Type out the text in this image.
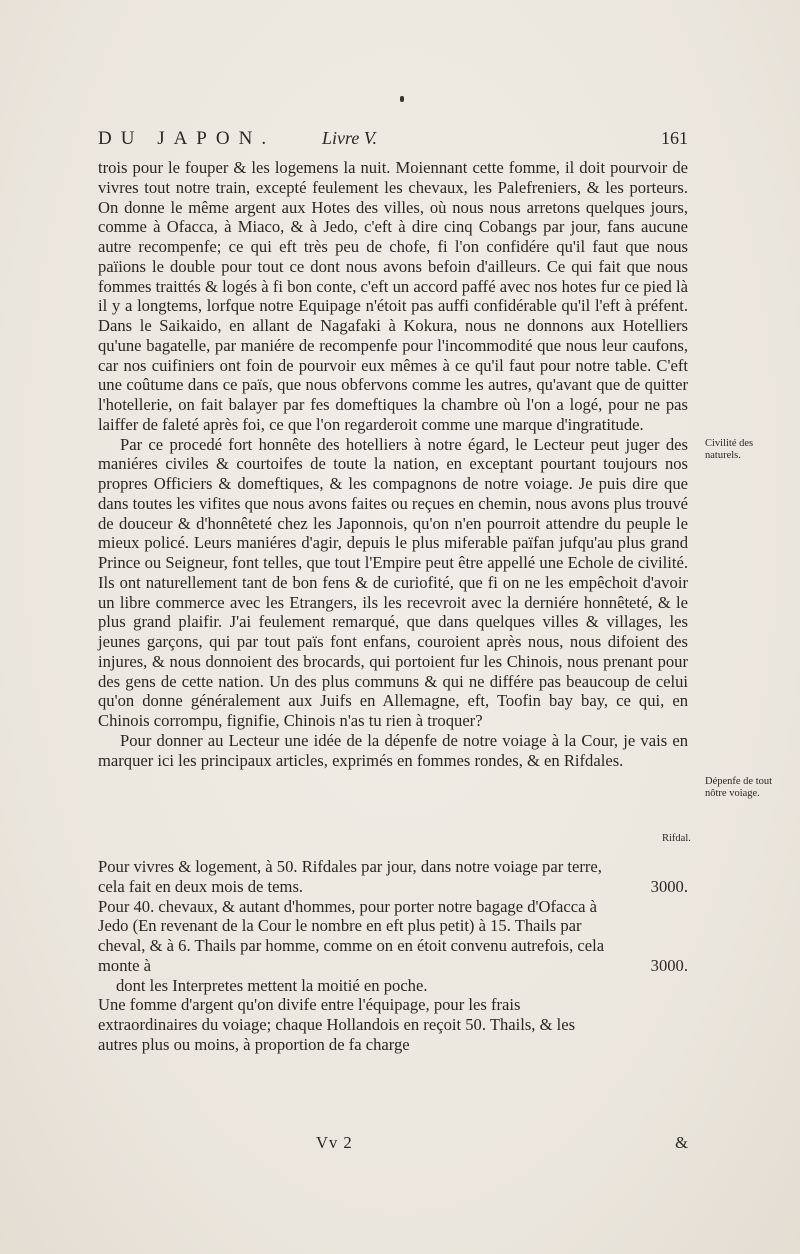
DU JAPON.	Livre V.	161

trois pour le fouper & les logemens la nuit. Moiennant cette fomme, il doit pourvoir de vivres tout notre train, excepté feulement les chevaux, les Palefreniers, & les porteurs. On donne le même argent aux Hotes des villes, où nous nous arretons quelques jours, comme à Ofacca, à Miaco, & à Jedo, c'eft à dire cinq Cobangs par jour, fans aucune autre recompenfe; ce qui eft très peu de chofe, fi l'on confidére qu'il faut que nous païions le double pour tout ce dont nous avons befoin d'ailleurs. Ce qui fait que nous fommes traittés & logés à fi bon conte, c'eft un accord paffé avec nos hotes fur ce pied là il y a longtems, lorfque notre Equipage n'étoit pas auffi confidérable qu'il l'eft à préfent. Dans le Saikaido, en allant de Nagafaki à Kokura, nous ne donnons aux Hotelliers qu'une bagatelle, par maniére de recompenfe pour l'incommodité que nous leur caufons, car nos cuifiniers ont foin de pourvoir eux mêmes à ce qu'il faut pour notre table. C'eft une coûtume dans ce païs, que nous obfervons comme les autres, qu'avant que de quitter l'hotellerie, on fait balayer par fes domeftiques la chambre où l'on a logé, pour ne pas laiffer de faleté après foi, ce que l'on regarderoit comme une marque d'ingratitude.

Par ce procedé fort honnête des hotelliers à notre égard, le Lecteur peut juger des maniéres civiles & courtoifes de toute la nation, en exceptant pourtant toujours nos propres Officiers & domeftiques, & les compagnons de notre voiage. Je puis dire que dans toutes les vifites que nous avons faites ou reçues en chemin, nous avons plus trouvé de douceur & d'honnêteté chez les Japonnois, qu'on n'en pourroit attendre du peuple le mieux policé. Leurs maniéres d'agir, depuis le plus miferable païfan jufqu'au plus grand Prince ou Seigneur, font telles, que tout l'Empire peut être appellé une Echole de civilité. Ils ont naturellement tant de bon fens & de curiofité, que fi on ne les empêchoit d'avoir un libre commerce avec les Etrangers, ils les recevroit avec la derniére honnêteté, & le plus grand plaifir. J'ai feulement remarqué, que dans quelques villes & villages, les jeunes garçons, qui par tout païs font enfans, couroient après nous, nous difoient des injures, & nous donnoient des brocards, qui portoient fur les Chinois, nous prenant pour des gens de cette nation. Un des plus communs & qui ne différe pas beaucoup de celui qu'on donne généralement aux Juifs en Allemagne, eft, Toofin bay bay, ce qui, en Chinois corrompu, fignifie, Chinois n'as tu rien à troquer?

Pour donner au Lecteur une idée de la dépenfe de notre voiage à la Cour, je vais en marquer ici les principaux articles, exprimés en fommes rondes, & en Rifdales.

Civilité des naturels.
Dépenfe de tout nôtre voiage.
Rifdal.
Pour vivres & logement, à 50. Rifdales par jour, dans notre voiage par terre, cela fait en deux mois de tems.	3000.
Pour 40. chevaux, & autant d'hommes, pour porter notre bagage d'Ofacca à Jedo (En revenant de la Cour le nombre en eft plus petit) à 15. Thails par cheval, & à 6. Thails par homme, comme on en étoit convenu autrefois, cela monte à	3000.
dont les Interpretes mettent la moitié en poche.
Une fomme d'argent qu'on divife entre l'équipage, pour les frais extraordinaires du voiage; chaque Hollandois en reçoit 50. Thails, & les autres plus ou moins, à proportion de fa charge
Vv 2	&
